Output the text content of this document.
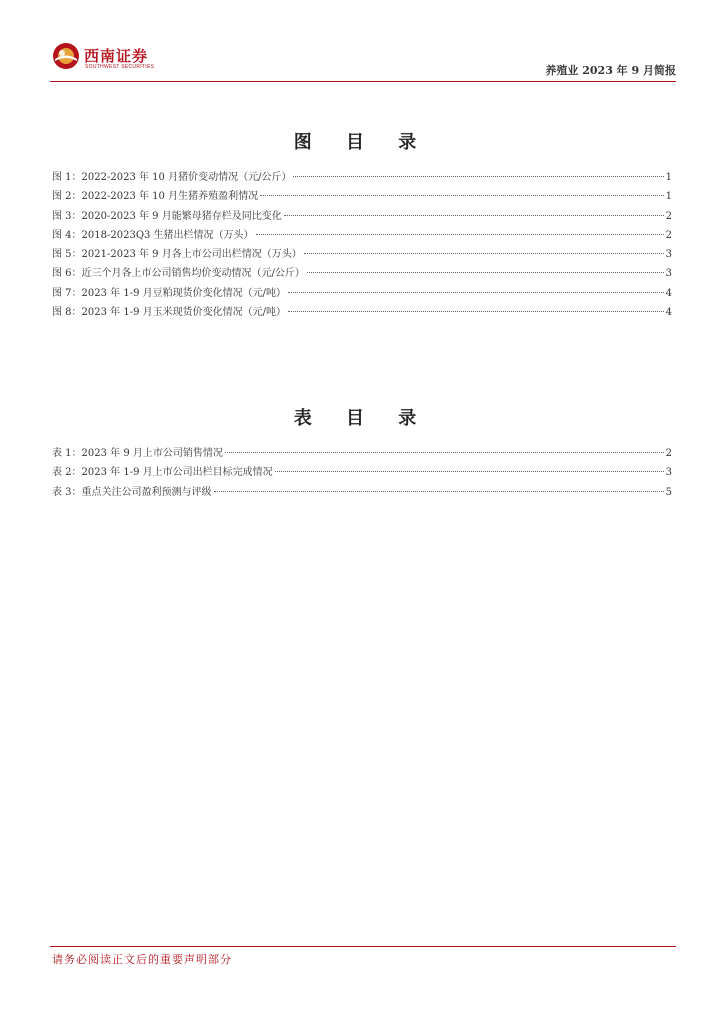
西南证券
SOUTHWEST SECURITIES	养殖业 2023 年 9 月简报
图 目 录
图 1：2022-2023 年 10 月猪价变动情况（元/公斤）	1
图 2：2022-2023 年 10 月生猪养殖盈利情况	1
图 3：2020-2023 年 9 月能繁母猪存栏及同比变化	2
图 4：2018-2023Q3 生猪出栏情况（万头）	2
图 5：2021-2023 年 9 月各上市公司出栏情况（万头）	3
图 6：近三个月各上市公司销售均价变动情况（元/公斤）	3
图 7：2023 年 1-9 月豆粕现货价变化情况（元/吨）	4
图 8：2023 年 1-9 月玉米现货价变化情况（元/吨）	4
表 目 录
表 1：2023 年 9 月上市公司销售情况	2
表 2：2023 年 1-9 月上市公司出栏目标完成情况	3
表 3：重点关注公司盈利预测与评级	5
请务必阅读正文后的重要声明部分
